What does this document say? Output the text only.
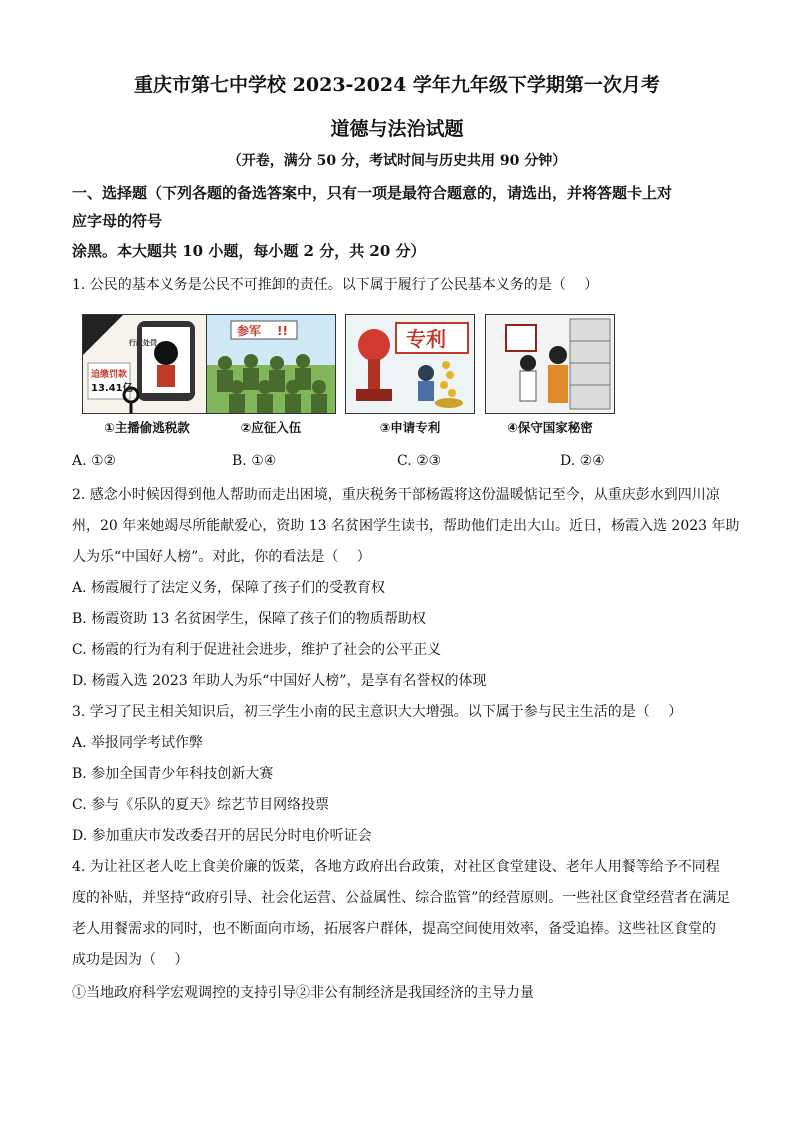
重庆市第七中学校 2023-2024 学年九年级下学期第一次月考
道德与法治试题
（开卷，满分 50 分，考试时间与历史共用 90 分钟）
一、选择题（下列各题的备选答案中，只有一项是最符合题意的，请选出，并将答题卡上对
应字母的符号
涂黑。本大题共 10 小题，每小题 2 分，共 20 分）
1. 公民的基本义务是公民不可推卸的责任。以下属于履行了公民基本义务的是（　 ）
追缴罚款
13.41亿
行政处罚
①主播偷逃税款
参军 !!
②应征入伍
专利
③申请专利	④保守国家秘密
A. ①②	B. ①④	C. ②③	D. ②④
2. 感念小时候因得到他人帮助而走出困境，重庆税务干部杨霞将这份温暖惦记至今，从重庆彭水到四川凉
州，20 年来她竭尽所能献爱心，资助 13 名贫困学生读书，帮助他们走出大山。近日，杨霞入选 2023 年助
人为乐“中国好人榜”。对此，你的看法是（　 ）
A. 杨霞履行了法定义务，保障了孩子们的受教育权
B. 杨霞资助 13 名贫困学生，保障了孩子们的物质帮助权
C. 杨霞的行为有利于促进社会进步，维护了社会的公平正义
D. 杨霞入选 2023 年助人为乐“中国好人榜”，是享有名誉权的体现
3. 学习了民主相关知识后，初三学生小南的民主意识大大增强。以下属于参与民主生活的是（　 ）
A. 举报同学考试作弊
B. 参加全国青少年科技创新大赛
C. 参与《乐队的夏天》综艺节目网络投票
D. 参加重庆市发改委召开的居民分时电价听证会
4. 为让社区老人吃上食美价廉的饭菜，各地方政府出台政策，对社区食堂建设、老年人用餐等给予不同程
度的补贴，并坚持“政府引导、社会化运营、公益属性、综合监管”的经营原则。一些社区食堂经营者在满足
老人用餐需求的同时，也不断面向市场，拓展客户群体，提高空间使用效率，备受追捧。这些社区食堂的
成功是因为（　 ）
①当地政府科学宏观调控的支持引导②非公有制经济是我国经济的主导力量
